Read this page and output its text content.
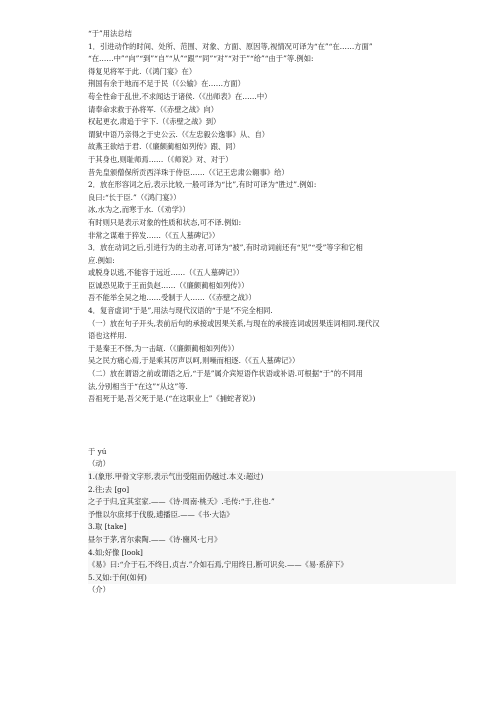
“于”用法总结
1．引进动作的时间、处所、范围、对象、方面、原因等,视情况可译为“在”“在……方面”
“在……中”“向”“到”“自”“从”“跟”“同”“对”“对于”“给”“由于”等.例如:
得复见将军于此.（《鸿门宴》在）
荆国有余于地而不足于民（《公输》在……方面）
苟全性命于乱世,不求闻达于诸侯.（《出师表》在……中）
请奉命求救于孙将军.（《赤壁之战》向）
权起更衣,肃追于宇下.（《赤壁之战》到）
谓狱中语乃亲得之于史公云.（《左忠毅公逸事》从、自）
故燕王欲结于君.（《廉颇蔺相如列传》跟、同）
于其身也,则耻师焉……（《师说》对、对于）
昔先皇颁僧保所贡西洋珠于侍臣……（《记王忠肃公翱事》给）
2．放在形容词之后,表示比较,一般可译为“比”,有时可译为“胜过”.例如:
良曰:“长于臣.”（《鸿门宴》）
冰,水为之,而寒于水.（《劝学》）
有时则只是表示对象的性质和状态,可不译.例如:
非常之谋难于猝发……（《五人墓碑记》）
3．放在动词之后,引进行为的主动者,可译为“被”,有时动词前还有“见”“受”等字和它相
应.例如:
或脱身以逃,不能容于远近……（《五人墓碑记》）
臣诚恐见欺于王而负赵……（《廉颇蔺相如列传》）
吾不能举全吴之地……受制于人……（《赤壁之战》）
4．复音虚词“于是”,用法与现代汉语的“于是”不完全相同.
（一）放在句子开头,表前后句的承接或因果关系,与现在的承接连词或因果连词相同.现代汉
语也这样用.
于是秦王不怿,为一击缻.（《廉颇蔺相如列传》）
吴之民方痛心焉,于是乘其厉声以呵,则噪而相逐.（《五人墓碑记》）
（二）放在谓语之前或谓语之后,“于是”属介宾短语作状语或补语.可根据“于”的不同用
法,分别相当于“在这”“从这”等.
吾祖死于是,吾父死于是.(“在这职业上”《捕蛇者说》)
于 yú
（动）
1.(象形.甲骨文字形,表示气出受阻而仍越过.本义:超过)
2.往;去 [go]
之子于归,宜其室家.——《诗·周南·桃夭》.毛传:“于,往也.”
予惟以尔庶邦于伐殷,逋播臣.——《书·大诰》
3.取 [take]
昼尔于茅,宵尔索陶.——《诗·豳风·七月》
4.如;好像 [look]
《易》曰:“介于石,不终日,贞吉.”介如石焉,宁用终日,断可识矣.——《易·系辞下》
5.又如:于何(如何)
（介）
